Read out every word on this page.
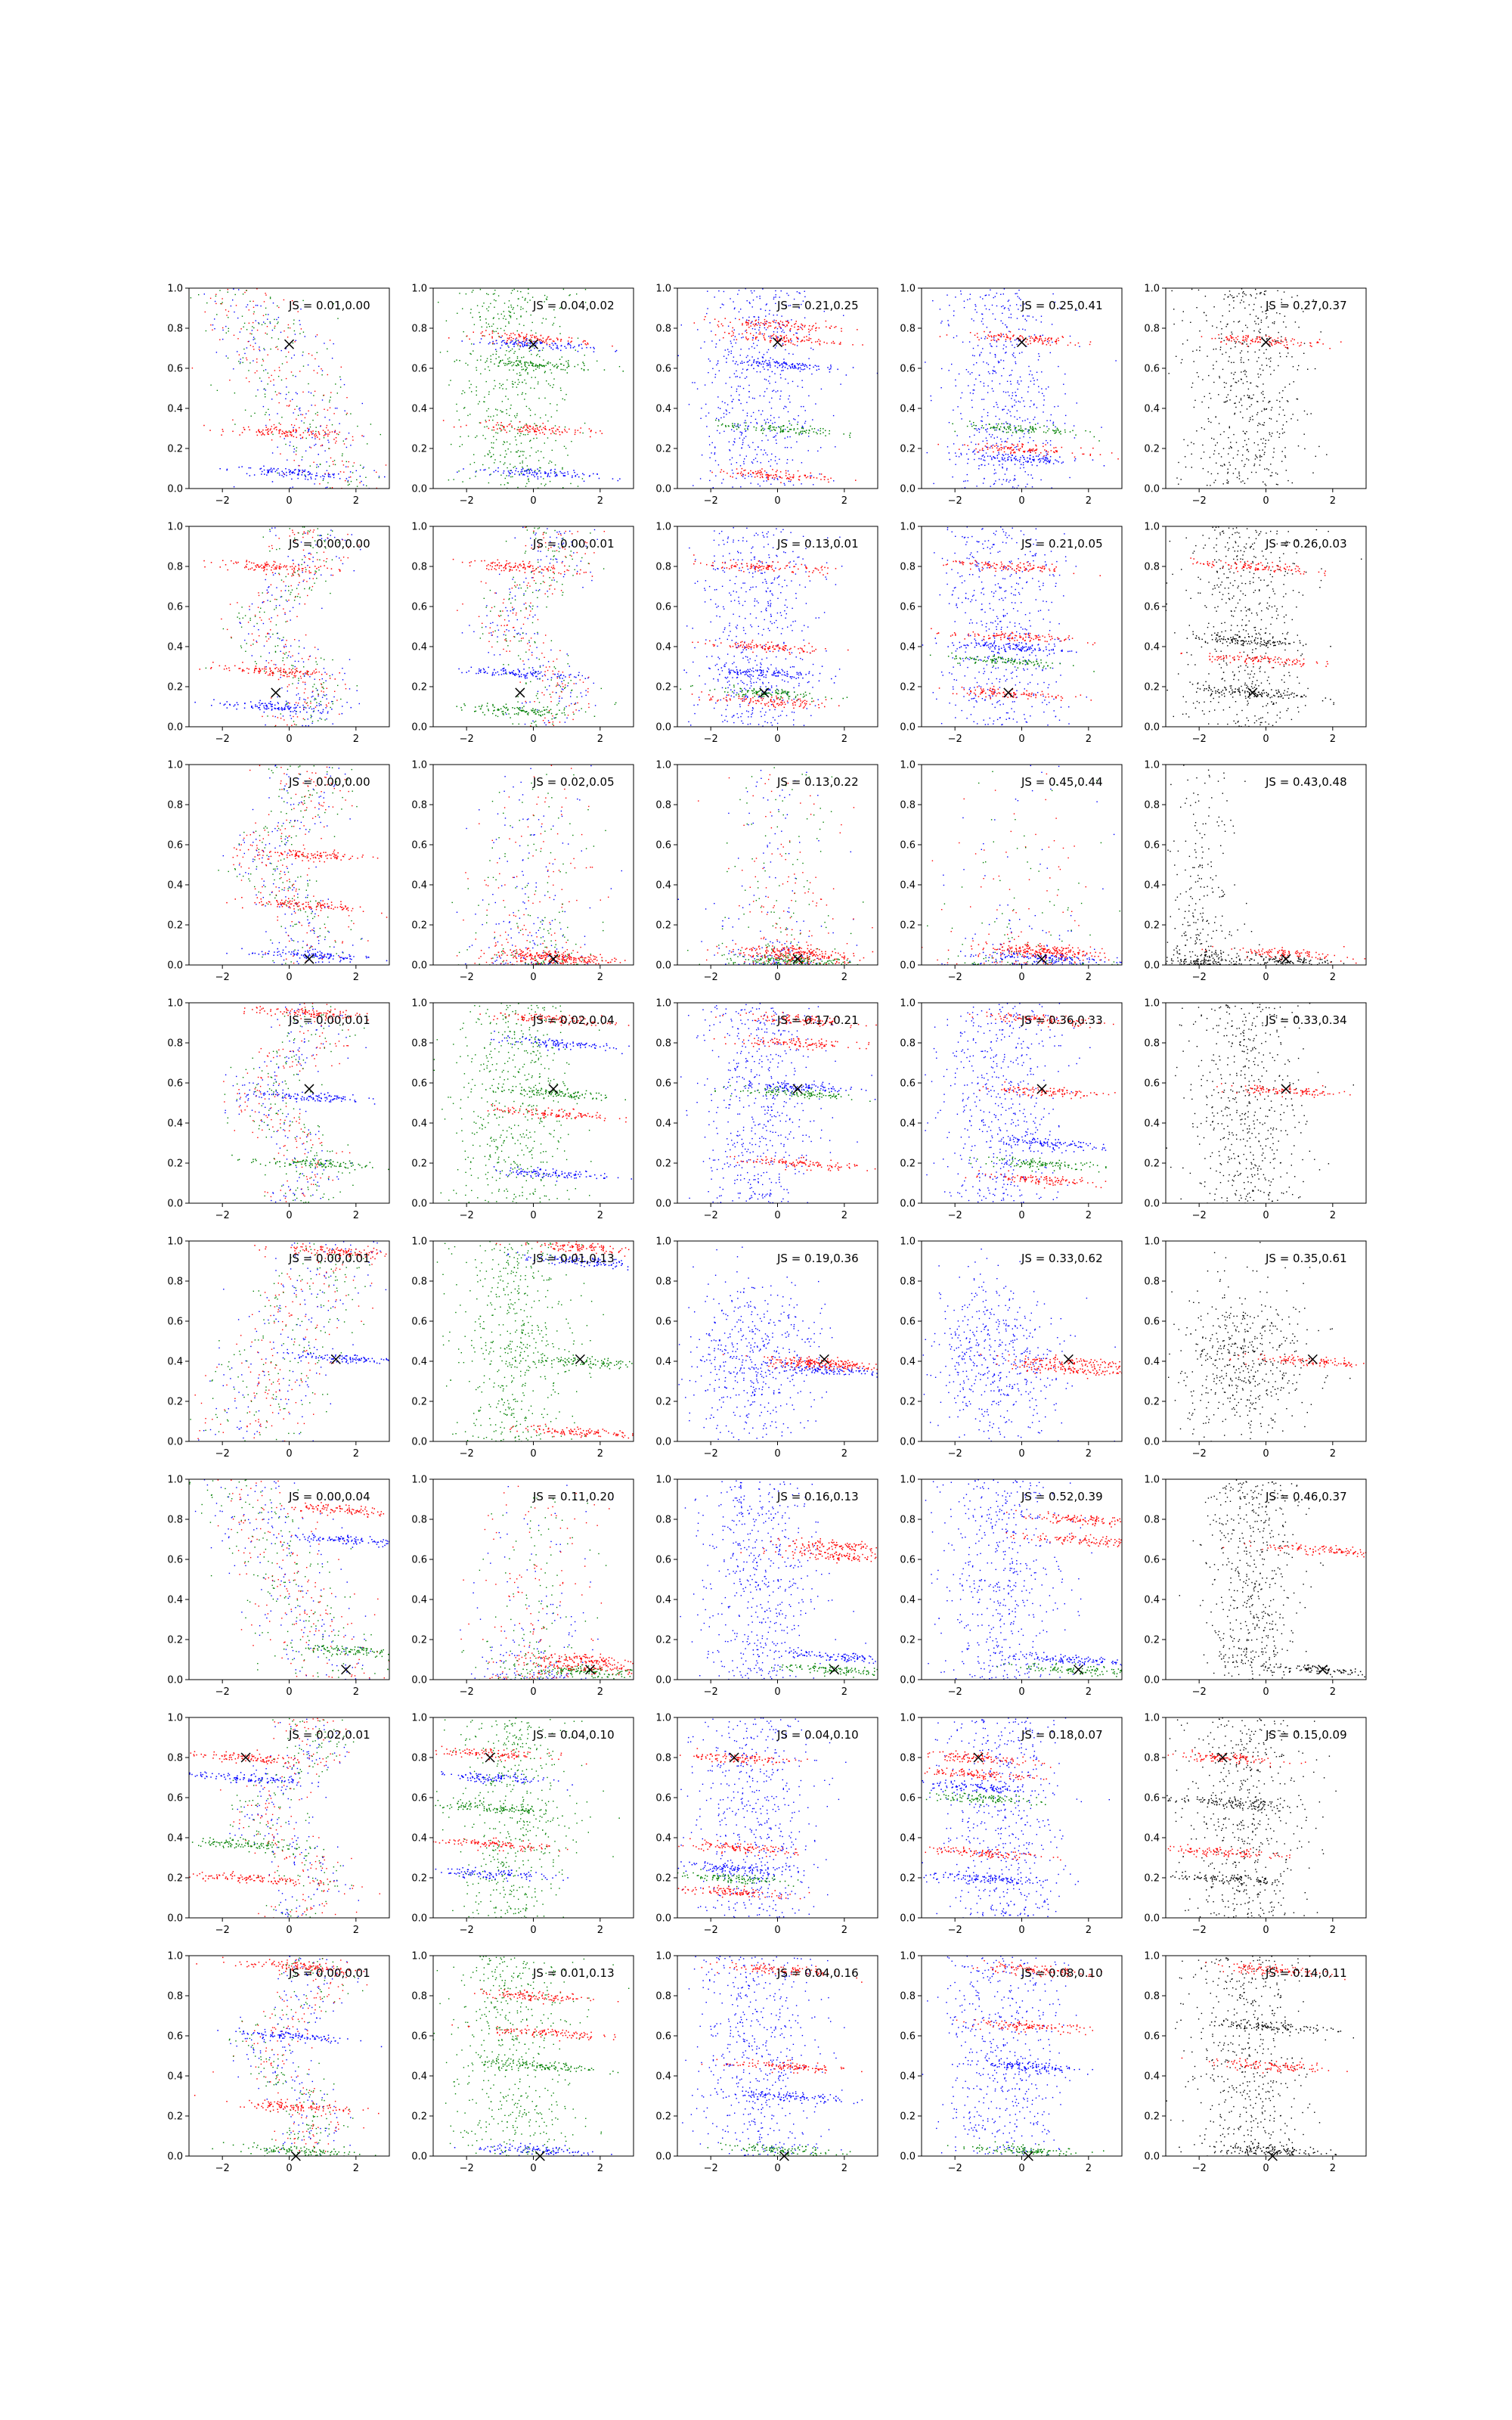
−2	0	2
0.0
0.2
0.4
0.6
0.8
1.0
JS = 0.01,0.00
−2	0	2
0.0
0.2
0.4
0.6
0.8
1.0
JS = 0.04,0.02
−2	0	2
0.0
0.2
0.4
0.6
0.8
1.0
JS = 0.21,0.25
−2	0	2
0.0
0.2
0.4
0.6
0.8
1.0
JS = 0.25,0.41
−2	0	2
0.0
0.2
0.4
0.6
0.8
1.0
JS = 0.27,0.37
−2	0	2
0.0
0.2
0.4
0.6
0.8
1.0
JS = 0.00,0.00
−2	0	2
0.0
0.2
0.4
0.6
0.8
1.0
JS = 0.00,0.01
−2	0	2
0.0
0.2
0.4
0.6
0.8
1.0
JS = 0.13,0.01
−2	0	2
0.0
0.2
0.4
0.6
0.8
1.0
JS = 0.21,0.05
−2	0	2
0.0
0.2
0.4
0.6
0.8
1.0
JS = 0.26,0.03
−2	0	2
0.0
0.2
0.4
0.6
0.8
1.0
JS = 0.00,0.00
−2	0	2
0.0
0.2
0.4
0.6
0.8
1.0
JS = 0.02,0.05
−2	0	2
0.0
0.2
0.4
0.6
0.8
1.0
JS = 0.13,0.22
−2	0	2
0.0
0.2
0.4
0.6
0.8
1.0
JS = 0.45,0.44
−2	0	2
0.0
0.2
0.4
0.6
0.8
1.0
JS = 0.43,0.48
−2	0	2
0.0
0.2
0.4
0.6
0.8
1.0
JS = 0.00,0.01
−2	0	2
0.0
0.2
0.4
0.6
0.8
1.0
JS = 0.02,0.04
−2	0	2
0.0
0.2
0.4
0.6
0.8
1.0
JS = 0.17,0.21
−2	0	2
0.0
0.2
0.4
0.6
0.8
1.0
JS = 0.36,0.33
−2	0	2
0.0
0.2
0.4
0.6
0.8
1.0
JS = 0.33,0.34
−2	0	2
0.0
0.2
0.4
0.6
0.8
1.0
JS = 0.00,0.01
−2	0	2
0.0
0.2
0.4
0.6
0.8
1.0
JS = 0.01,0.13
−2	0	2
0.0
0.2
0.4
0.6
0.8
1.0
JS = 0.19,0.36
−2	0	2
0.0
0.2
0.4
0.6
0.8
1.0
JS = 0.33,0.62
−2	0	2
0.0
0.2
0.4
0.6
0.8
1.0
JS = 0.35,0.61
−2	0	2
0.0
0.2
0.4
0.6
0.8
1.0
JS = 0.00,0.04
−2	0	2
0.0
0.2
0.4
0.6
0.8
1.0
JS = 0.11,0.20
−2	0	2
0.0
0.2
0.4
0.6
0.8
1.0
JS = 0.16,0.13
−2	0	2
0.0
0.2
0.4
0.6
0.8
1.0
JS = 0.52,0.39
−2	0	2
0.0
0.2
0.4
0.6
0.8
1.0
JS = 0.46,0.37
−2	0	2
0.0
0.2
0.4
0.6
0.8
1.0
JS = 0.02,0.01
−2	0	2
0.0
0.2
0.4
0.6
0.8
1.0
JS = 0.04,0.10
−2	0	2
0.0
0.2
0.4
0.6
0.8
1.0
JS = 0.04,0.10
−2	0	2
0.0
0.2
0.4
0.6
0.8
1.0
JS = 0.18,0.07
−2	0	2
0.0
0.2
0.4
0.6
0.8
1.0
JS = 0.15,0.09
−2	0	2
0.0
0.2
0.4
0.6
0.8
1.0
JS = 0.00,0.01
−2	0	2
0.0
0.2
0.4
0.6
0.8
1.0
JS = 0.01,0.13
−2	0	2
0.0
0.2
0.4
0.6
0.8
1.0
JS = 0.04,0.16
−2	0	2
0.0
0.2
0.4
0.6
0.8
1.0
JS = 0.08,0.10
−2	0	2
0.0
0.2
0.4
0.6
0.8
1.0
JS = 0.14,0.11
